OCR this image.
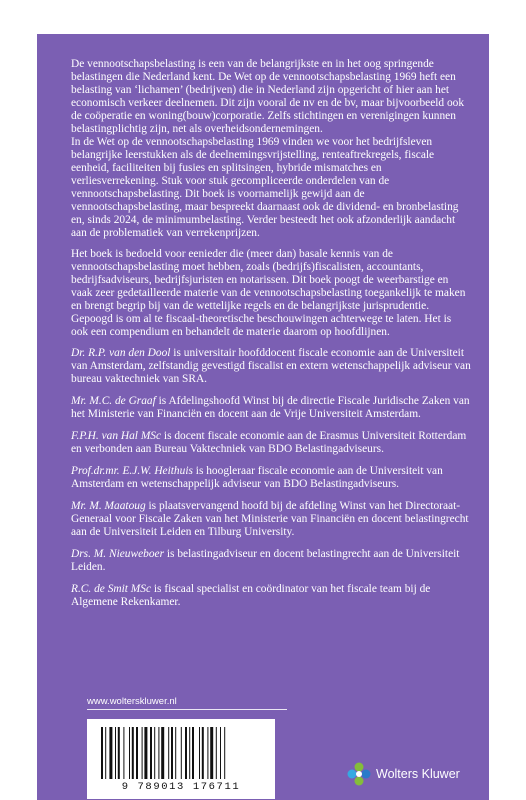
De vennootschapsbelasting is een van de belangrijkste en in het oog springende belastingen die Nederland kent. De Wet op de vennootschapsbelasting 1969 heft een belasting van ‘lichamen’ (bedrijven) die in Nederland zijn opgericht of hier aan het economisch verkeer deelnemen. Dit zijn vooral de nv en de bv, maar bijvoorbeeld ook de coöperatie en woning(bouw)corporatie. Zelfs stichtingen en verenigingen kunnen belastingplichtig zijn, net als overheidsondernemingen.

In de Wet op de vennootschapsbelasting 1969 vinden we voor het bedrijfsleven belangrijke leerstukken als de deelnemingsvrijstelling, renteaftrekregels, fiscale eenheid, faciliteiten bij fusies en splitsingen, hybride mismatches en verliesverrekening. Stuk voor stuk gecompliceerde onderdelen van de vennootschapsbelasting. Dit boek is voornamelijk gewijd aan de vennootschapsbelasting, maar bespreekt daarnaast ook de dividend- en bronbelasting en, sinds 2024, de minimumbelasting. Verder besteedt het ook afzonderlijk aandacht aan de problematiek van verrekenprijzen.

Het boek is bedoeld voor eenieder die (meer dan) basale kennis van de vennootschapsbelasting moet hebben, zoals (bedrijfs)fiscalisten, accountants, bedrijfsadviseurs, bedrijfsjuristen en notarissen. Dit boek poogt de weerbarstige en vaak zeer gedetailleerde materie van de vennootschapsbelasting toegankelijk te maken en brengt begrip bij van de wettelijke regels en de belangrijkste jurisprudentie. Gepoogd is om al te fiscaal-theoretische beschouwingen achterwege te laten. Het is ook een compendium en behandelt de materie daarom op hoofdlijnen.

Dr. R.P. van den Dool is universitair hoofddocent fiscale economie aan de Universiteit van Amsterdam, zelfstandig gevestigd fiscalist en extern wetenschappelijk adviseur van bureau vaktechniek van SRA.

Mr. M.C. de Graaf is Afdelingshoofd Winst bij de directie Fiscale Juridische Zaken van het Ministerie van Financiën en docent aan de Vrije Universiteit Amsterdam.

F.P.H. van Hal MSc is docent fiscale economie aan de Erasmus Universiteit Rotterdam en verbonden aan Bureau Vaktechniek van BDO Belastingadviseurs.

Prof.dr.mr. E.J.W. Heithuis is hoogleraar fiscale economie aan de Universiteit van Amsterdam en wetenschappelijk adviseur van BDO Belastingadviseurs.

Mr. M. Maatoug is plaatsvervangend hoofd bij de afdeling Winst van het Directoraat-Generaal voor Fiscale Zaken van het Ministerie van Financiën en docent belastingrecht aan de Universiteit Leiden en Tilburg University.

Drs. M. Nieuweboer is belastingadviseur en docent belastingrecht aan de Universiteit Leiden.

R.C. de Smit MSc is fiscaal specialist en coördinator van het fiscale team bij de Algemene Rekenkamer.

www.wolterskluwer.nl
9 789013 176711
Wolters Kluwer
